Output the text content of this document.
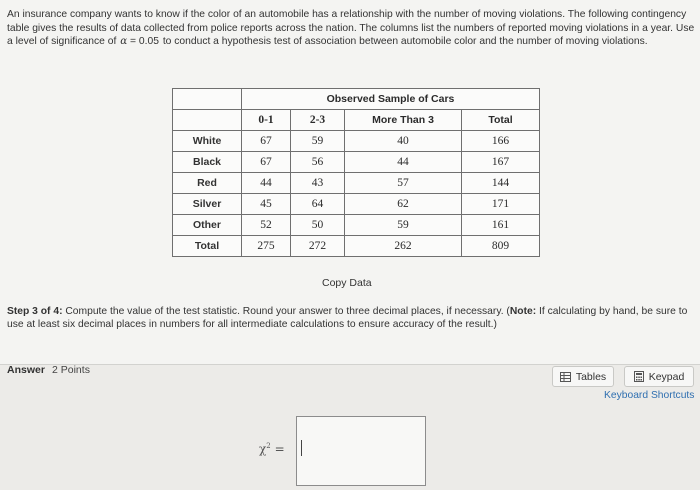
An insurance company wants to know if the color of an automobile has a relationship with the number of moving violations. The following contingency table gives the results of data collected from police reports across the nation. The columns list the numbers of reported moving violations in a year. Use a level of significance of α = 0.05 to conduct a hypothesis test of association between automobile color and the number of moving violations.
	Observed Sample of Cars			
	0-1	2-3	More Than 3	Total
White	67	59	40	166
Black	67	56	44	167
Red	44	43	57	144
Silver	45	64	62	171
Other	52	50	59	161
Total	275	272	262	809
Copy Data
Step 3 of 4: Compute the value of the test statistic. Round your answer to three decimal places, if necessary. (Note: If calculating by hand, be sure to use at least six decimal places in numbers for all intermediate calculations to ensure accuracy of the result.)
Answer 2 Points
Tables	Keypad
Keyboard Shortcuts
$\chi^2$ =
